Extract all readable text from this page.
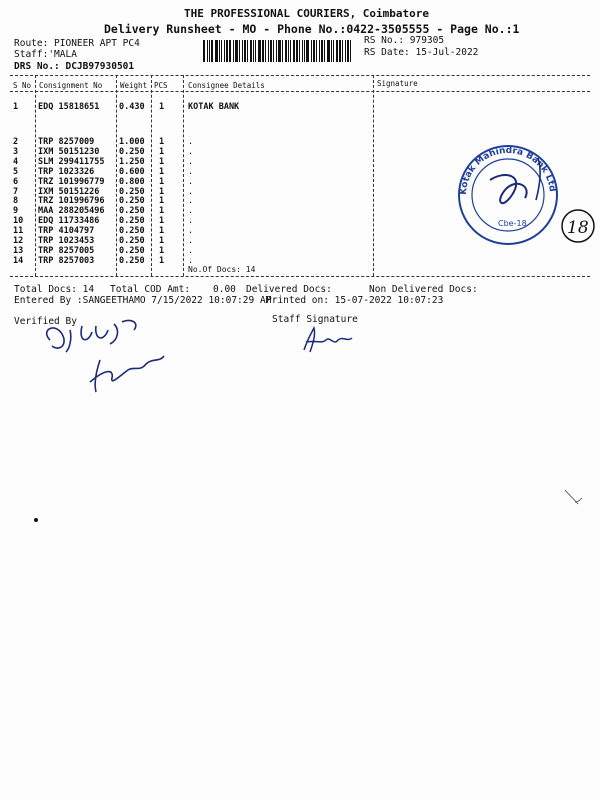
THE PROFESSIONAL COURIERS, Coimbatore
Delivery Runsheet - MO - Phone No.:0422-3505555 - Page No.:1
Route: PIONEER APT PC4
Staff:'MALA
DRS No.: DCJB97930501
RS No.: 979305
RS Date: 15-Jul-2022
S No Consignment No Weight PCS	Consignee Details	Signature
1 EDQ 15818651 0.430 1	KOTAK BANK
2 TRP 8257009	1.000 1	.
3 IXM 50151230 0.250 1	.
4 SLM 299411755 1.250 1	.
5 TRP 1023326	0.600 1	.
6 TRZ 101996779 0.800 1	.
7 IXM 50151226 0.250 1	.
8 TRZ 101996796 0.250 1	.
9 MAA 288205496 0.250 1	.
10 EDQ 11733486 0.250 1	.
11 TRP 4104797	0.250 1	.
12 TRP 1023453	0.250 1	.
13 TRP 8257005	0.250 1	.
14 TRP 8257003	0.250 1	.
No.Of Docs: 14
Total Docs: 14 Total COD Amt: 0.00 Delivered Docs:	Non Delivered Docs:
Entered By :SANGEETHAMO 7/15/2022 10:07:29 AM
Printed on: 15-07-2022 10:07:23
Verified By	Staff Signature
Kotak Mahindra Bank Ltd
Cbe-18 18
